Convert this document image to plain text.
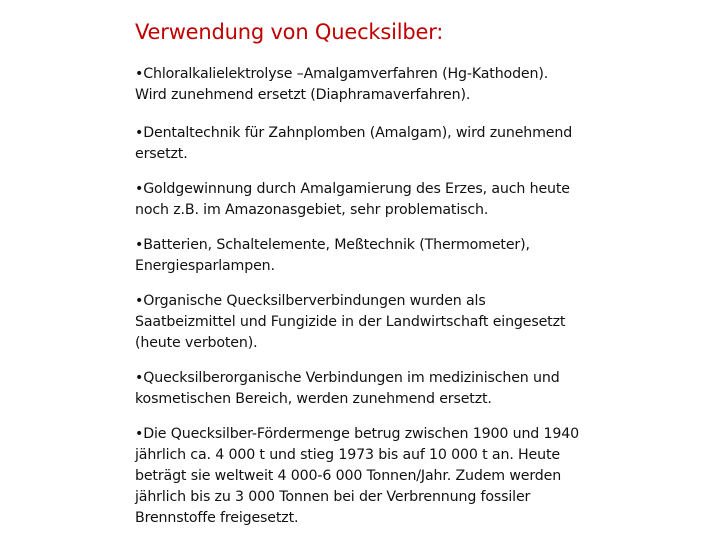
Verwendung von Quecksilber:
•Chloralkalielektrolyse –Amalgamverfahren (Hg-Kathoden).
Wird zunehmend ersetzt (Diaphramaverfahren).
•Dentaltechnik für Zahnplomben (Amalgam), wird zunehmend
ersetzt.
•Goldgewinnung durch Amalgamierung des Erzes, auch heute
noch z.B. im Amazonasgebiet, sehr problematisch.
•Batterien, Schaltelemente, Meßtechnik (Thermometer),
Energiesparlampen.
•Organische Quecksilberverbindungen wurden als
Saatbeizmittel und Fungizide in der Landwirtschaft eingesetzt
(heute verboten).
•Quecksilberorganische Verbindungen im medizinischen und
kosmetischen Bereich, werden zunehmend ersetzt.
•Die Quecksilber-Fördermenge betrug zwischen 1900 und 1940
jährlich ca. 4 000 t und stieg 1973 bis auf 10 000 t an. Heute
beträgt sie weltweit 4 000-6 000 Tonnen/Jahr. Zudem werden
jährlich bis zu 3 000 Tonnen bei der Verbrennung fossiler
Brennstoffe freigesetzt.
